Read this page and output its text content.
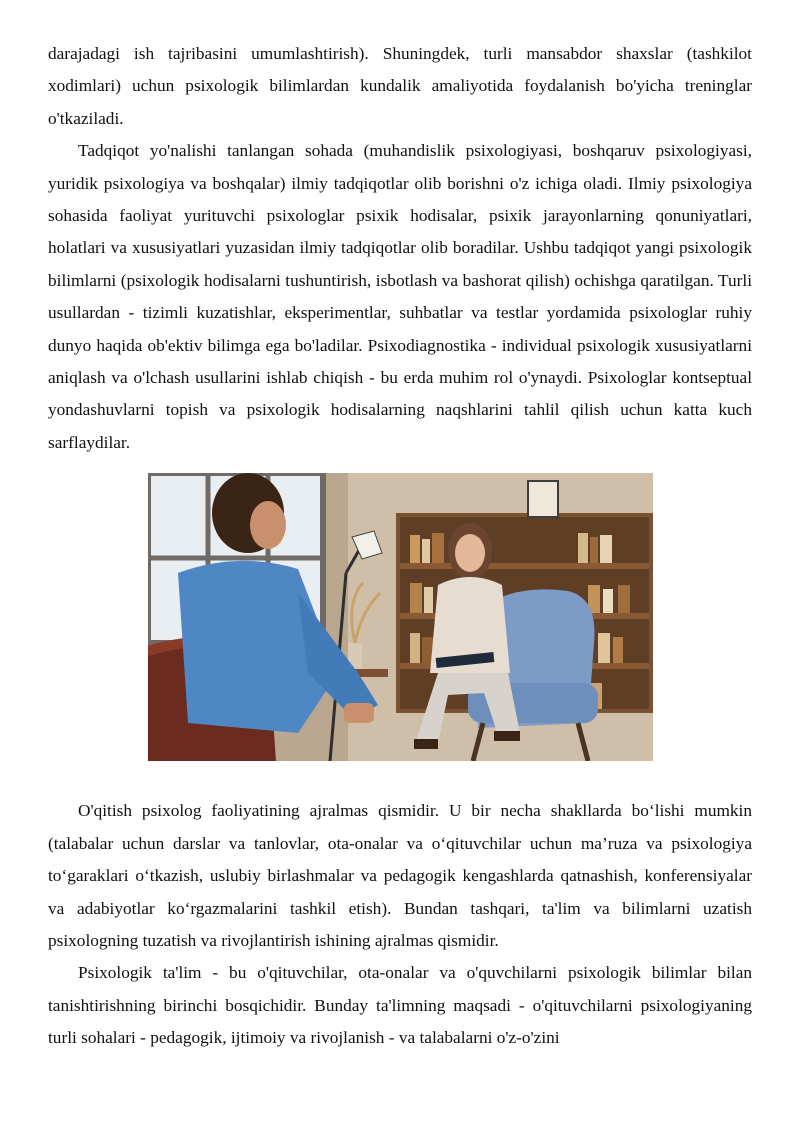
darajadagi ish tajribasini umumlashtirish). Shuningdek, turli mansabdor shaxslar (tashkilot xodimlari) uchun psixologik bilimlardan kundalik amaliyotida foydalanish bo'yicha treninglar o'tkaziladi.

Tadqiqot yo'nalishi tanlangan sohada (muhandislik psixologiyasi, boshqaruv psixologiyasi, yuridik psixologiya va boshqalar) ilmiy tadqiqotlar olib borishni o'z ichiga oladi. Ilmiy psixologiya sohasida faoliyat yurituvchi psixologlar psixik hodisalar, psixik jarayonlarning qonuniyatlari, holatlari va xususiyatlari yuzasidan ilmiy tadqiqotlar olib boradilar. Ushbu tadqiqot yangi psixologik bilimlarni (psixologik hodisalarni tushuntirish, isbotlash va bashorat qilish) ochishga qaratilgan. Turli usullardan - tizimli kuzatishlar, eksperimentlar, suhbatlar va testlar yordamida psixologlar ruhiy dunyo haqida ob'ektiv bilimga ega bo'ladilar. Psixodiagnostika - individual psixologik xususiyatlarni aniqlash va o'lchash usullarini ishlab chiqish - bu erda muhim rol o'ynaydi. Psixologlar kontseptual yondashuvlarni topish va psixologik hodisalarning naqshlarini tahlil qilish uchun katta kuch sarflaydilar.

O'qitish psixolog faoliyatining ajralmas qismidir. U bir necha shakllarda bo‘lishi mumkin (talabalar uchun darslar va tanlovlar, ota-onalar va o‘qituvchilar uchun ma’ruza va psixologiya to‘garaklari o‘tkazish, uslubiy birlashmalar va pedagogik kengashlarda qatnashish, konferensiyalar va adabiyotlar ko‘rgazmalarini tashkil etish). Bundan tashqari, ta'lim va bilimlarni uzatish psixologning tuzatish va rivojlantirish ishining ajralmas qismidir.

Psixologik ta'lim - bu o'qituvchilar, ota-onalar va o'quvchilarni psixologik bilimlar bilan tanishtirishning birinchi bosqichidir. Bunday ta'limning maqsadi - o'qituvchilarni psixologiyaning turli sohalari - pedagogik, ijtimoiy va rivojlanish - va talabalarni o'z-o'zini
